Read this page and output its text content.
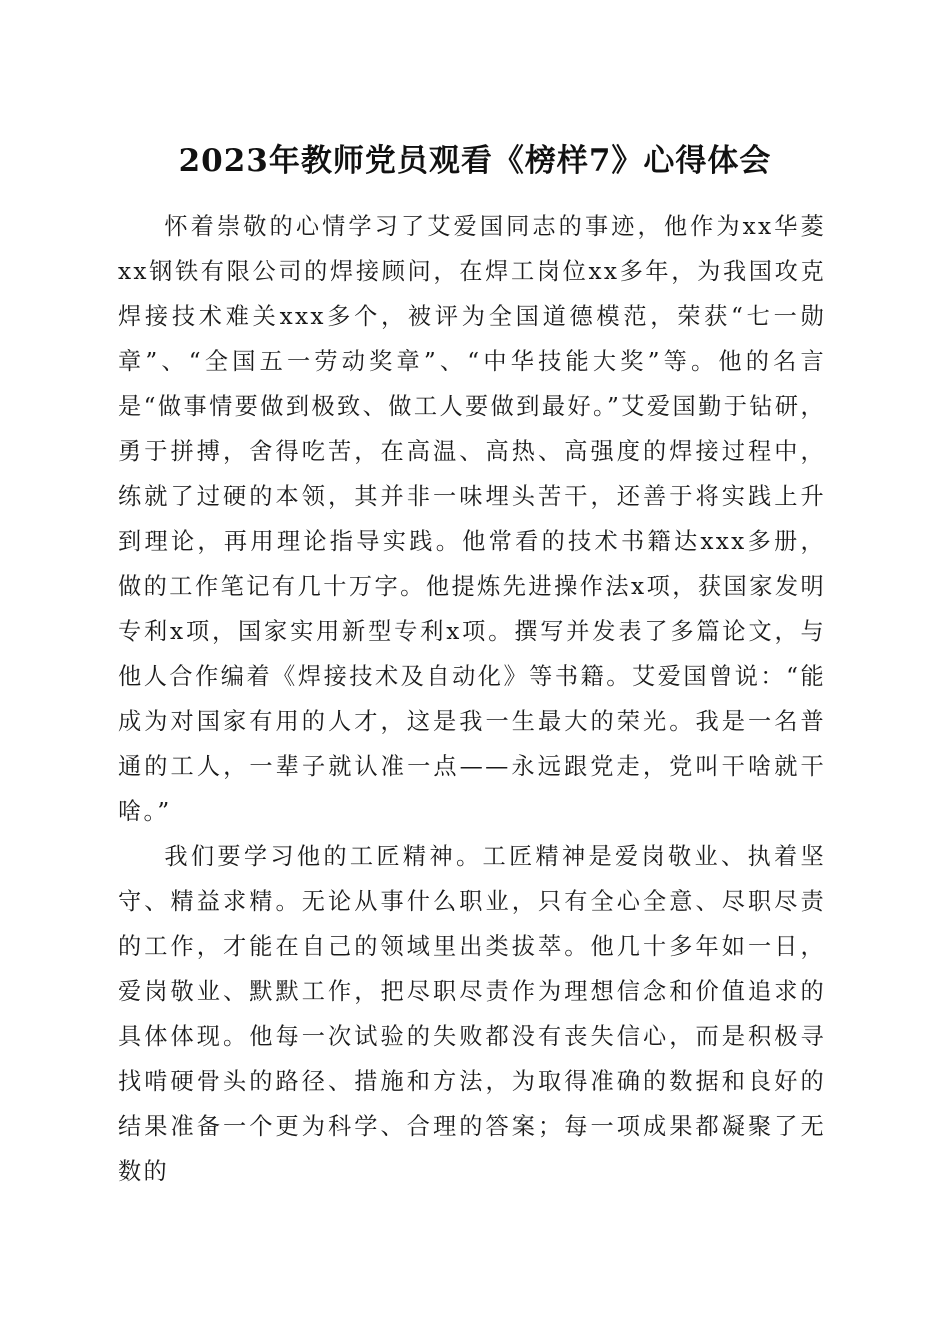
2023年教师党员观看《榜样7》心得体会

怀着崇敬的心情学习了艾爱国同志的事迹，他作为xx华菱xx钢铁有限公司的焊接顾问，在焊工岗位xx多年，为我国攻克焊接技术难关xxx多个，被评为全国道德模范，荣获“七一勋章”、“全国五一劳动奖章”、“中华技能大奖”等。他的名言是“做事情要做到极致、做工人要做到最好。”艾爱国勤于钻研，勇于拼搏，舍得吃苦，在高温、高热、高强度的焊接过程中，练就了过硬的本领，其并非一味埋头苦干，还善于将实践上升到理论，再用理论指导实践。他常看的技术书籍达xxx多册，做的工作笔记有几十万字。他提炼先进操作法x项，获国家发明专利x项，国家实用新型专利x项。撰写并发表了多篇论文，与他人合作编着《焊接技术及自动化》等书籍。艾爱国曾说：“能成为对国家有用的人才，这是我一生最大的荣光。我是一名普通的工人，一辈子就认准一点——永远跟党走，党叫干啥就干啥。”

我们要学习他的工匠精神。工匠精神是爱岗敬业、执着坚守、精益求精。无论从事什么职业，只有全心全意、尽职尽责的工作，才能在自己的领域里出类拔萃。他几十多年如一日，爱岗敬业、默默工作，把尽职尽责作为理想信念和价值追求的具体体现。他每一次试验的失败都没有丧失信心，而是积极寻找啃硬骨头的路径、措施和方法，为取得准确的数据和良好的结果准备一个更为科学、合理的答案；每一项成果都凝聚了无数的
